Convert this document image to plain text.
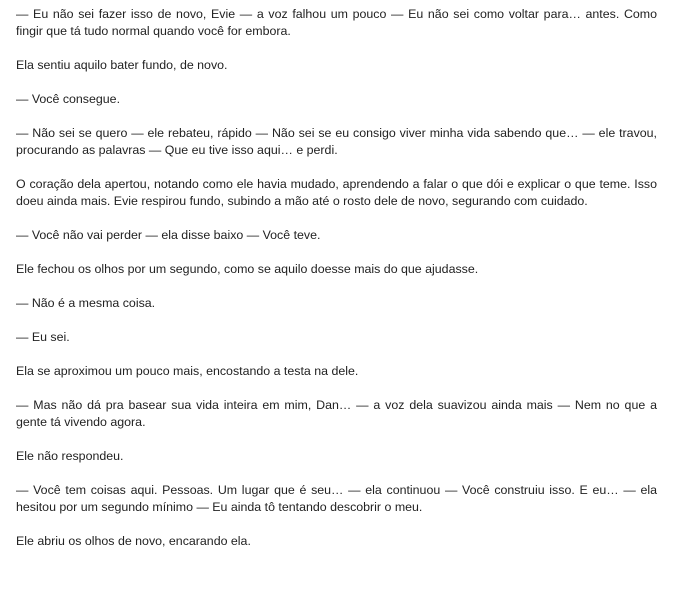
— Eu não sei fazer isso de novo, Evie — a voz falhou um pouco — Eu não sei como voltar para… antes. Como fingir que tá tudo normal quando você for embora.

Ela sentiu aquilo bater fundo, de novo.

— Você consegue.

— Não sei se quero — ele rebateu, rápido — Não sei se eu consigo viver minha vida sabendo que… — ele travou, procurando as palavras — Que eu tive isso aqui… e perdi.

O coração dela apertou, notando como ele havia mudado, aprendendo a falar o que dói e explicar o que teme. Isso doeu ainda mais. Evie respirou fundo, subindo a mão até o rosto dele de novo, segurando com cuidado.

— Você não vai perder — ela disse baixo — Você teve.

Ele fechou os olhos por um segundo, como se aquilo doesse mais do que ajudasse.

— Não é a mesma coisa.

— Eu sei.

Ela se aproximou um pouco mais, encostando a testa na dele.

— Mas não dá pra basear sua vida inteira em mim, Dan… — a voz dela suavizou ainda mais — Nem no que a gente tá vivendo agora.

Ele não respondeu.

— Você tem coisas aqui. Pessoas. Um lugar que é seu… — ela continuou — Você construiu isso. E eu… — ela hesitou por um segundo mínimo — Eu ainda tô tentando descobrir o meu.

Ele abriu os olhos de novo, encarando ela.
